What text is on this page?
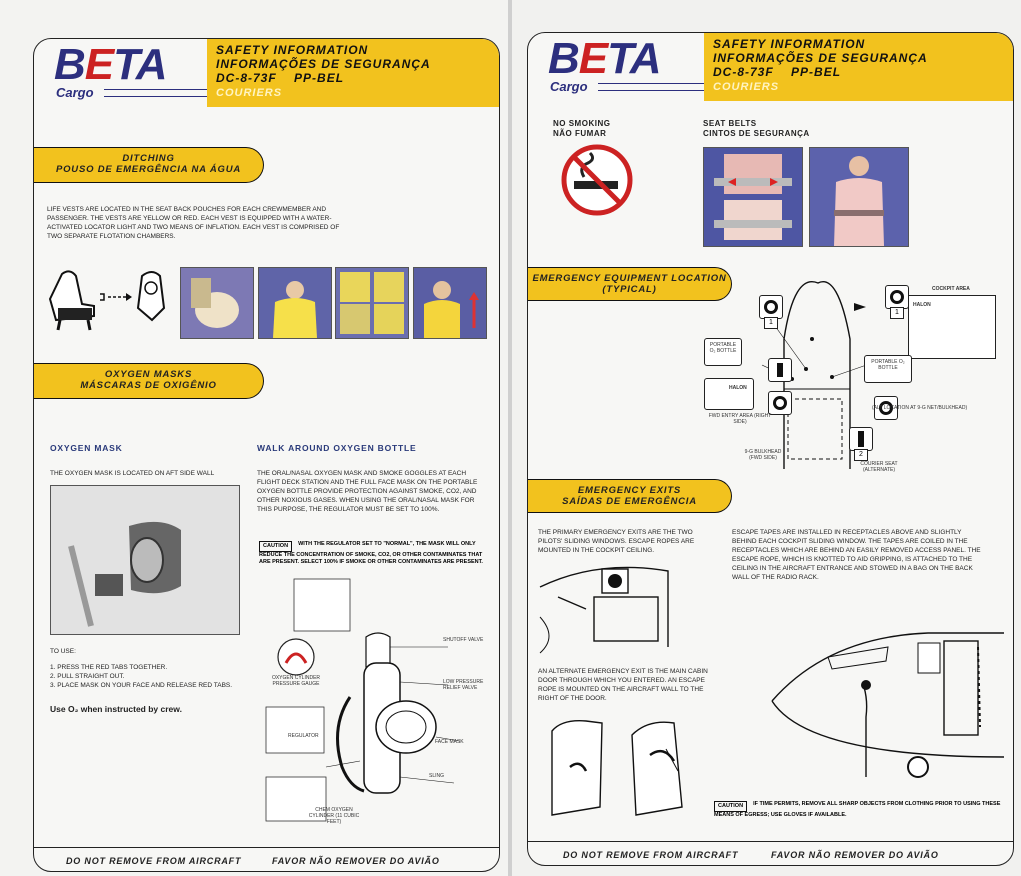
BETA
Cargo
SAFETY INFORMATION
INFORMAÇÕES DE SEGURANÇA
DC-8-73F PP-BEL
COURIERS
DITCHING
POUSO DE EMERGÊNCIA NA ÁGUA
LIFE VESTS ARE LOCATED IN THE SEAT BACK POUCHES FOR EACH CREWMEMBER AND PASSENGER. THE VESTS ARE YELLOW OR RED. EACH VEST IS EQUIPPED WITH A WATER-ACTIVATED LOCATOR LIGHT AND TWO MEANS OF INFLATION. EACH VEST IS COMPRISED OF TWO SEPARATE FLOTATION CHAMBERS.
OXYGEN MASKS
MÁSCARAS DE OXIGÊNIO
OXYGEN MASK
THE OXYGEN MASK IS LOCATED ON AFT SIDE WALL
TO USE:
1. PRESS THE RED TABS TOGETHER.
2. PULL STRAIGHT OUT.
3. PLACE MASK ON YOUR FACE AND RELEASE RED TABS.
Use O₂ when instructed by crew.
WALK AROUND OXYGEN BOTTLE
THE ORAL/NASAL OXYGEN MASK AND SMOKE GOGGLES AT EACH FLIGHT DECK STATION AND THE FULL FACE MASK ON THE PORTABLE OXYGEN BOTTLE PROVIDE PROTECTION AGAINST SMOKE, CO2, AND OTHER NOXIOUS GASES. WHEN USING THE ORAL/NASAL MASK FOR THIS PURPOSE, THE REGULATOR MUST BE SET TO 100%.
CAUTION WITH THE REGULATOR SET TO "NORMAL", THE MASK WILL ONLY REDUCE THE CONCENTRATION OF SMOKE, CO2, OR OTHER CONTAMINATES THAT ARE PRESENT. SELECT 100% IF SMOKE OR OTHER CONTAMINATES ARE PRESENT.
SHUTOFF VALVE
OXYGEN CYLINDER PRESSURE GAUGE	LOW PRESSURE RELIEF VALVE
REGULATOR
FACE MASK
SLING
CHEM OXYGEN CYLINDER (11 CUBIC FEET)
DO NOT REMOVE FROM AIRCRAFT	FAVOR NÃO REMOVER DO AVIÃO
BETA
Cargo
SAFETY INFORMATION
INFORMAÇÕES DE SEGURANÇA
DC-8-73F PP-BEL
COURIERS
NO SMOKING
NÃO FUMAR
SEAT BELTS
CINTOS DE SEGURANÇA
EMERGENCY EQUIPMENT LOCATION
(TYPICAL)
1
1
COCKPIT AREA
HALON
PORTABLE O₂ BOTTLE
PORTABLE O₂ BOTTLE
HALON
2
FWD ENTRY AREA (RIGHT SIDE)
(ALT LOCATION AT 9-G NET/BULKHEAD)
9-G BULKHEAD (FWD SIDE)
COURIER SEAT (ALTERNATE)
EMERGENCY EXITS
SAÍDAS DE EMERGÊNCIA
THE PRIMARY EMERGENCY EXITS ARE THE TWO PILOTS' SLIDING WINDOWS. ESCAPE ROPES ARE MOUNTED IN THE COCKPIT CEILING.
ESCAPE TAPES ARE INSTALLED IN RECEPTACLES ABOVE AND SLIGHTLY BEHIND EACH COCKPIT SLIDING WINDOW. THE TAPES ARE COILED IN THE RECEPTACLES WHICH ARE BEHIND AN EASILY REMOVED ACCESS PANEL. THE ESCAPE ROPE, WHICH IS KNOTTED TO AID GRIPPING, IS ATTACHED TO THE CEILING IN THE AIRCRAFT ENTRANCE AND STOWED IN A BAG ON THE BACK WALL OF THE RADIO RACK.
AN ALTERNATE EMERGENCY EXIT IS THE MAIN CABIN DOOR THROUGH WHICH YOU ENTERED. AN ESCAPE ROPE IS MOUNTED ON THE AIRCRAFT WALL TO THE RIGHT OF THE DOOR.
CAUTION IF TIME PERMITS, REMOVE ALL SHARP OBJECTS FROM CLOTHING PRIOR TO USING THESE MEANS OF EGRESS; USE GLOVES IF AVAILABLE.
DO NOT REMOVE FROM AIRCRAFT	FAVOR NÃO REMOVER DO AVIÃO
